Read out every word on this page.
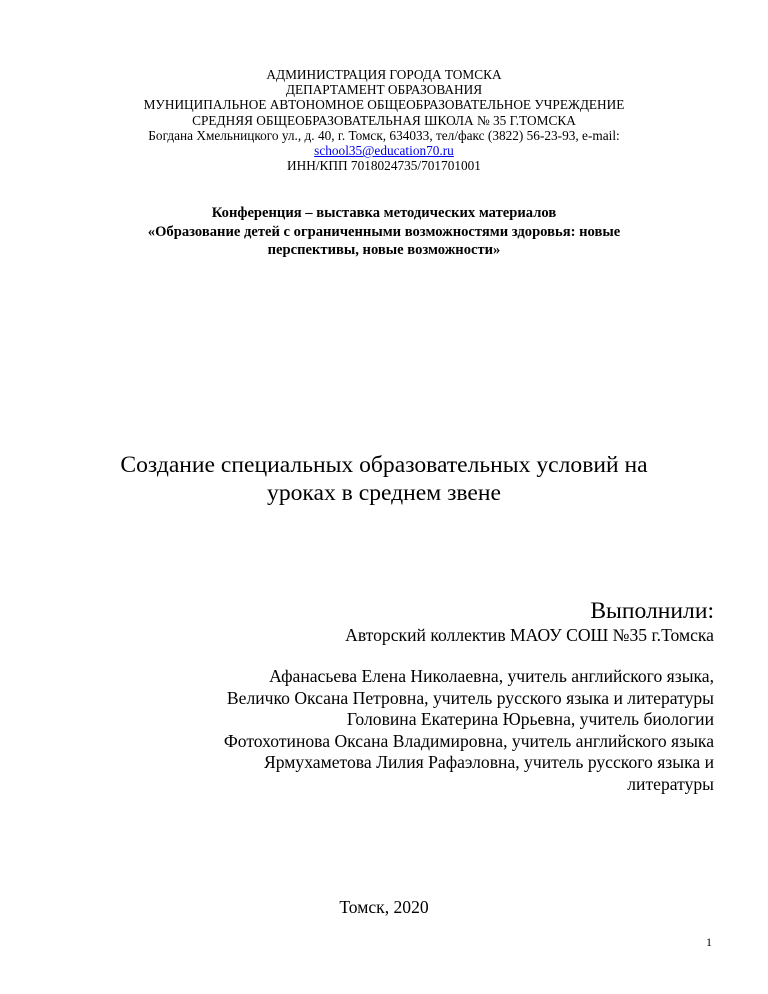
АДМИНИСТРАЦИЯ ГОРОДА ТОМСКА
ДЕПАРТАМЕНТ ОБРАЗОВАНИЯ
МУНИЦИПАЛЬНОЕ АВТОНОМНОЕ ОБЩЕОБРАЗОВАТЕЛЬНОЕ УЧРЕЖДЕНИЕ
СРЕДНЯЯ ОБЩЕОБРАЗОВАТЕЛЬНАЯ ШКОЛА № 35 Г.ТОМСКА
Богдана Хмельницкого ул., д. 40, г. Томск, 634033, тел/факс (3822) 56-23-93, e-mail:
school35@education70.ru
ИНН/КПП 7018024735/701701001
Конференция – выставка методических материалов
«Образование детей с ограниченными возможностями здоровья: новые
перспективы, новые возможности»
Создание специальных образовательных условий на
уроках в среднем звене
Выполнили:
Авторский коллектив МАОУ СОШ №35 г.Томска
Афанасьева Елена Николаевна, учитель английского языка,
Величко Оксана Петровна, учитель русского языка и литературы
Головина Екатерина Юрьевна, учитель биологии
Фотохотинова Оксана Владимировна, учитель английского языка
Ярмухаметова Лилия Рафаэловна, учитель русского языка и
литературы
Томск, 2020
1
